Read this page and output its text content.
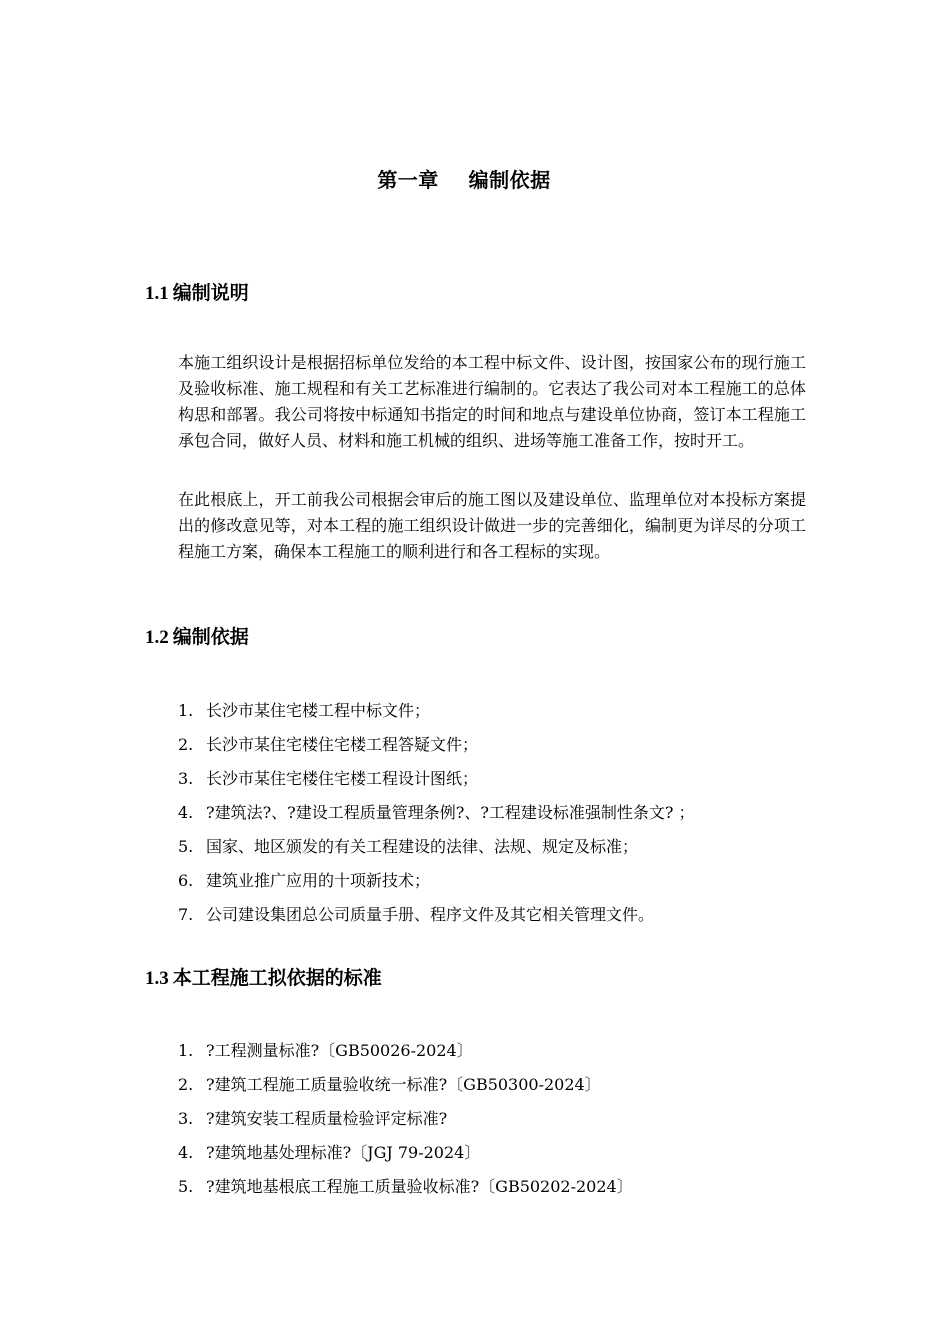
第一章    编制依据
1.1 编制说明

本施工组织设计是根据招标单位发给的本工程中标文件、设计图，按国家公布的现行施工及验收标准、施工规程和有关工艺标准进行编制的。它表达了我公司对本工程施工的总体构思和部署。我公司将按中标通知书指定的时间和地点与建设单位协商，签订本工程施工承包合同，做好人员、材料和施工机械的组织、进场等施工准备工作，按时开工。

在此根底上，开工前我公司根据会审后的施工图以及建设单位、监理单位对本投标方案提出的修改意见等，对本工程的施工组织设计做进一步的完善细化，编制更为详尽的分项工程施工方案，确保本工程施工的顺利进行和各工程标的实现。

1.2 编制依据
1. 长沙市某住宅楼工程中标文件；
2. 长沙市某住宅楼住宅楼工程答疑文件；
3. 长沙市某住宅楼住宅楼工程设计图纸；
4. ?建筑法?、?建设工程质量管理条例?、?工程建设标准强制性条文? ；
5. 国家、地区颁发的有关工程建设的法律、法规、规定及标准；
6. 建筑业推广应用的十项新技术；
7. 公司建设集团总公司质量手册、程序文件及其它相关管理文件。
1.3 本工程施工拟依据的标准
1. ?工程测量标准?〔GB50026-2024〕
2. ?建筑工程施工质量验收统一标准?〔GB50300-2024〕
3. ?建筑安装工程质量检验评定标准?
4. ?建筑地基处理标准?〔JGJ 79-2024〕
5. ?建筑地基根底工程施工质量验收标准?〔GB50202-2024〕
